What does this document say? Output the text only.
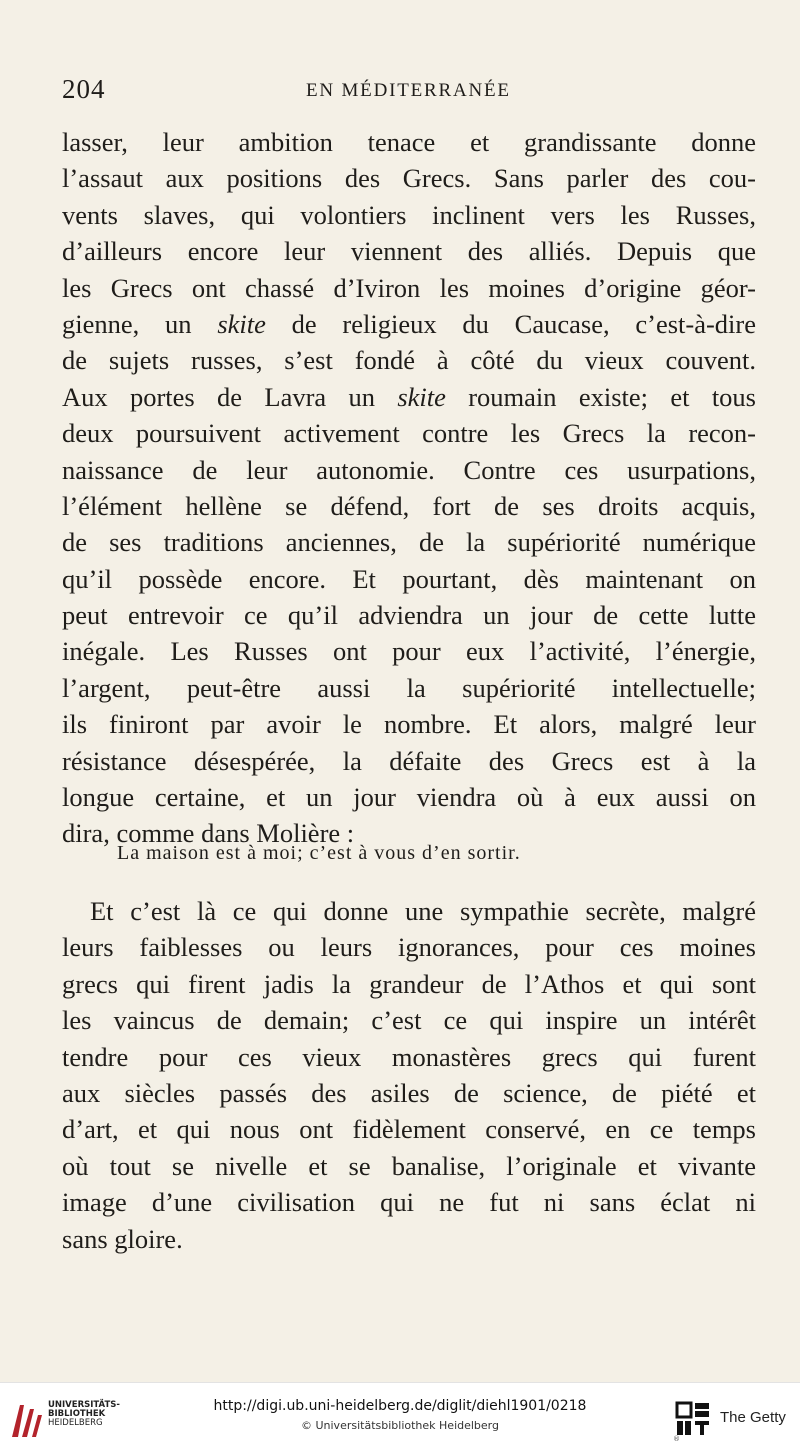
204	EN MÉDITERRANÉE
lasser, leur ambition tenace et grandissante donne
l’assaut aux positions des Grecs. Sans parler des cou-
vents slaves, qui volontiers inclinent vers les Russes,
d’ailleurs encore leur viennent des alliés. Depuis que
les Grecs ont chassé d’Iviron les moines d’origine géor-
gienne, un skite de religieux du Caucase, c’est-à-dire
de sujets russes, s’est fondé à côté du vieux couvent.
Aux portes de Lavra un skite roumain existe; et tous
deux poursuivent activement contre les Grecs la recon-
naissance de leur autonomie. Contre ces usurpations,
l’élément hellène se défend, fort de ses droits acquis,
de ses traditions anciennes, de la supériorité numérique
qu’il possède encore. Et pourtant, dès maintenant on
peut entrevoir ce qu’il adviendra un jour de cette lutte
inégale. Les Russes ont pour eux l’activité, l’énergie,
l’argent, peut-être aussi la supériorité intellectuelle;
ils finiront par avoir le nombre. Et alors, malgré leur
résistance désespérée, la défaite des Grecs est à la
longue certaine, et un jour viendra où à eux aussi on
dira, comme dans Molière :
La maison est à moi; c’est à vous d’en sortir.
Et c’est là ce qui donne une sympathie secrète, malgré
leurs faiblesses ou leurs ignorances, pour ces moines
grecs qui firent jadis la grandeur de l’Athos et qui sont
les vaincus de demain; c’est ce qui inspire un intérêt
tendre pour ces vieux monastères grecs qui furent
aux siècles passés des asiles de science, de piété et
d’art, et qui nous ont fidèlement conservé, en ce temps
où tout se nivelle et se banalise, l’originale et vivante
image d’une civilisation qui ne fut ni sans éclat ni
sans gloire.
UNIVERSITÄTS-
BIBLIOTHEK
HEIDELBERG
http://digi.ub.uni-heidelberg.de/diglit/diehl1901/0218
© Universitätsbibliothek Heidelberg
®
The Getty
